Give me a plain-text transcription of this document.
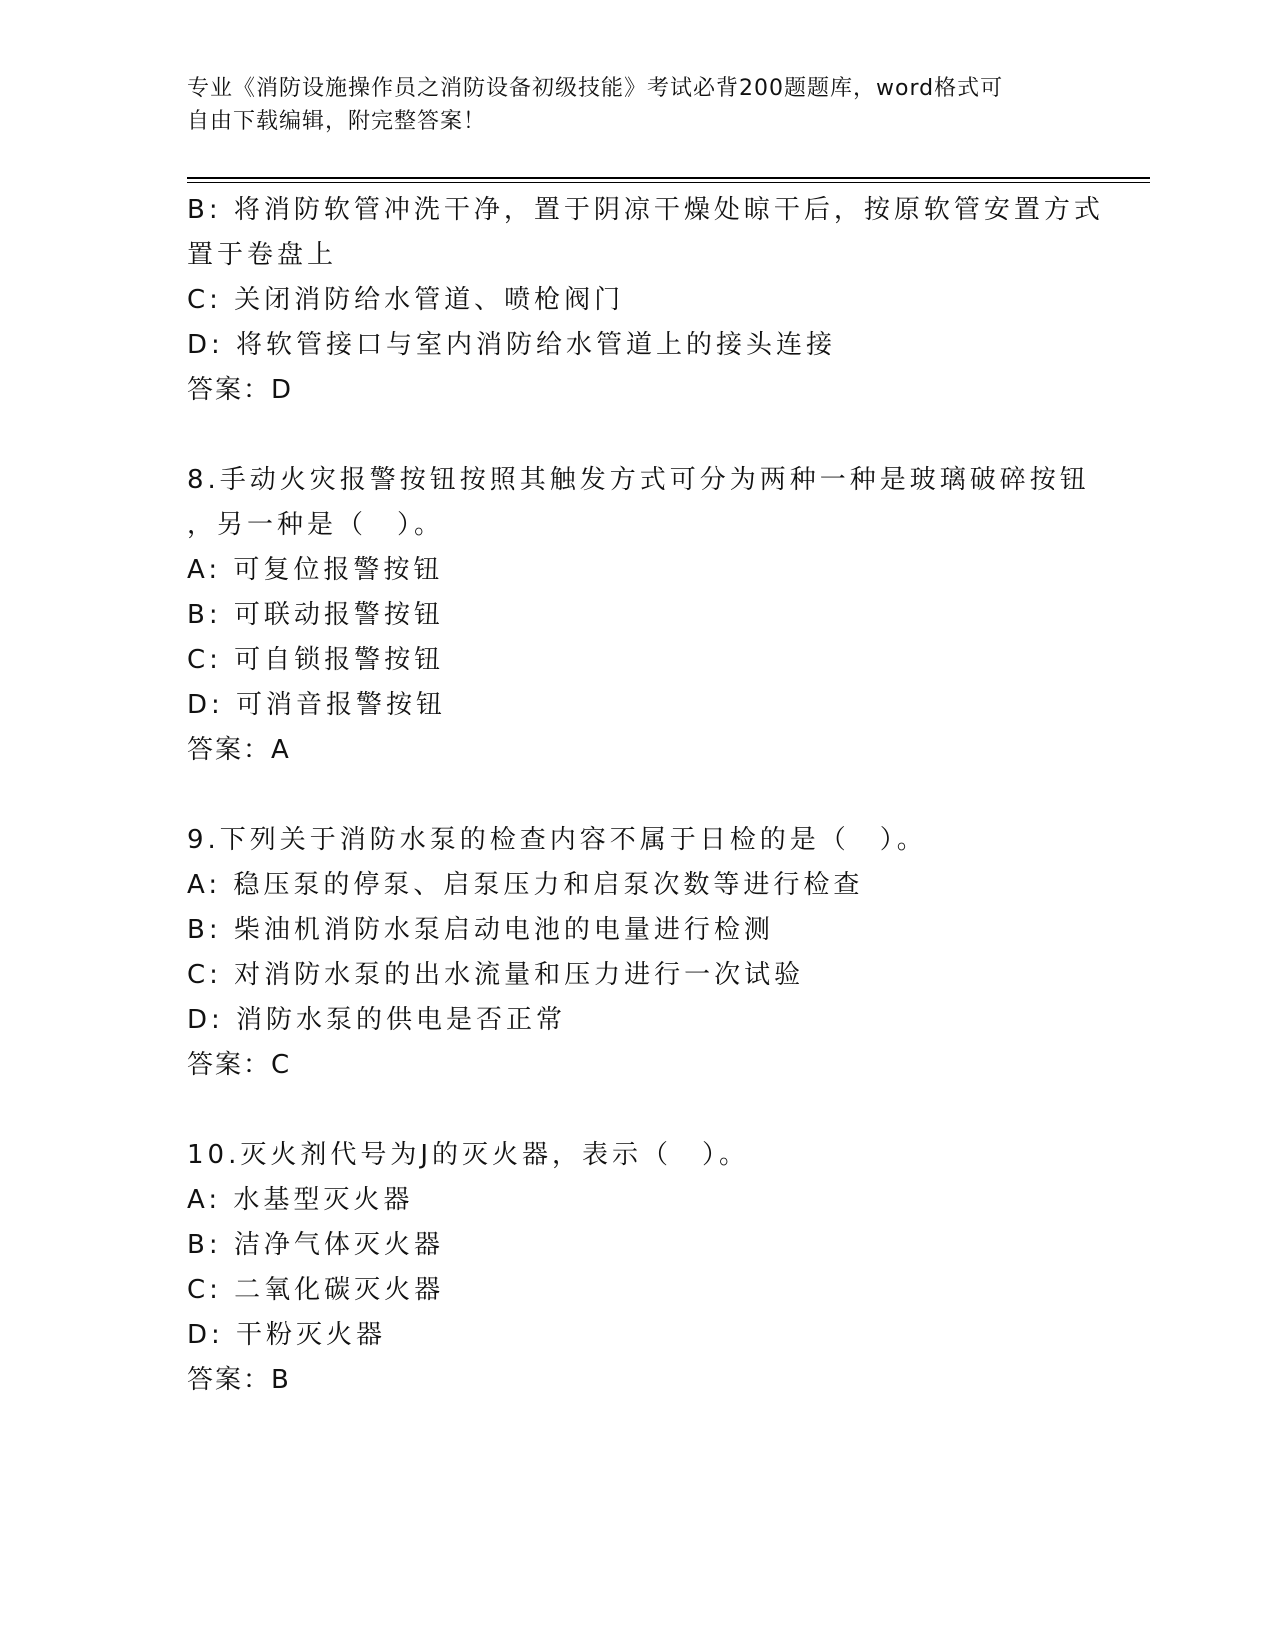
专业《消防设施操作员之消防设备初级技能》考试必背200题题库，word格式可
自由下载编辑，附完整答案！
B: 将消防软管冲洗干净，置于阴凉干燥处晾干后，按原软管安置方式
置于卷盘上
C: 关闭消防给水管道、喷枪阀门
D: 将软管接口与室内消防给水管道上的接头连接
答案：D
8.手动火灾报警按钮按照其触发方式可分为两种一种是玻璃破碎按钮
，另一种是（　）。
A: 可复位报警按钮
B: 可联动报警按钮
C: 可自锁报警按钮
D: 可消音报警按钮
答案：A
9.下列关于消防水泵的检查内容不属于日检的是（　）。
A: 稳压泵的停泵、启泵压力和启泵次数等进行检查
B: 柴油机消防水泵启动电池的电量进行检测
C: 对消防水泵的出水流量和压力进行一次试验
D: 消防水泵的供电是否正常
答案：C
10.灭火剂代号为J的灭火器，表示（　）。
A: 水基型灭火器
B: 洁净气体灭火器
C: 二氧化碳灭火器
D: 干粉灭火器
答案：B
